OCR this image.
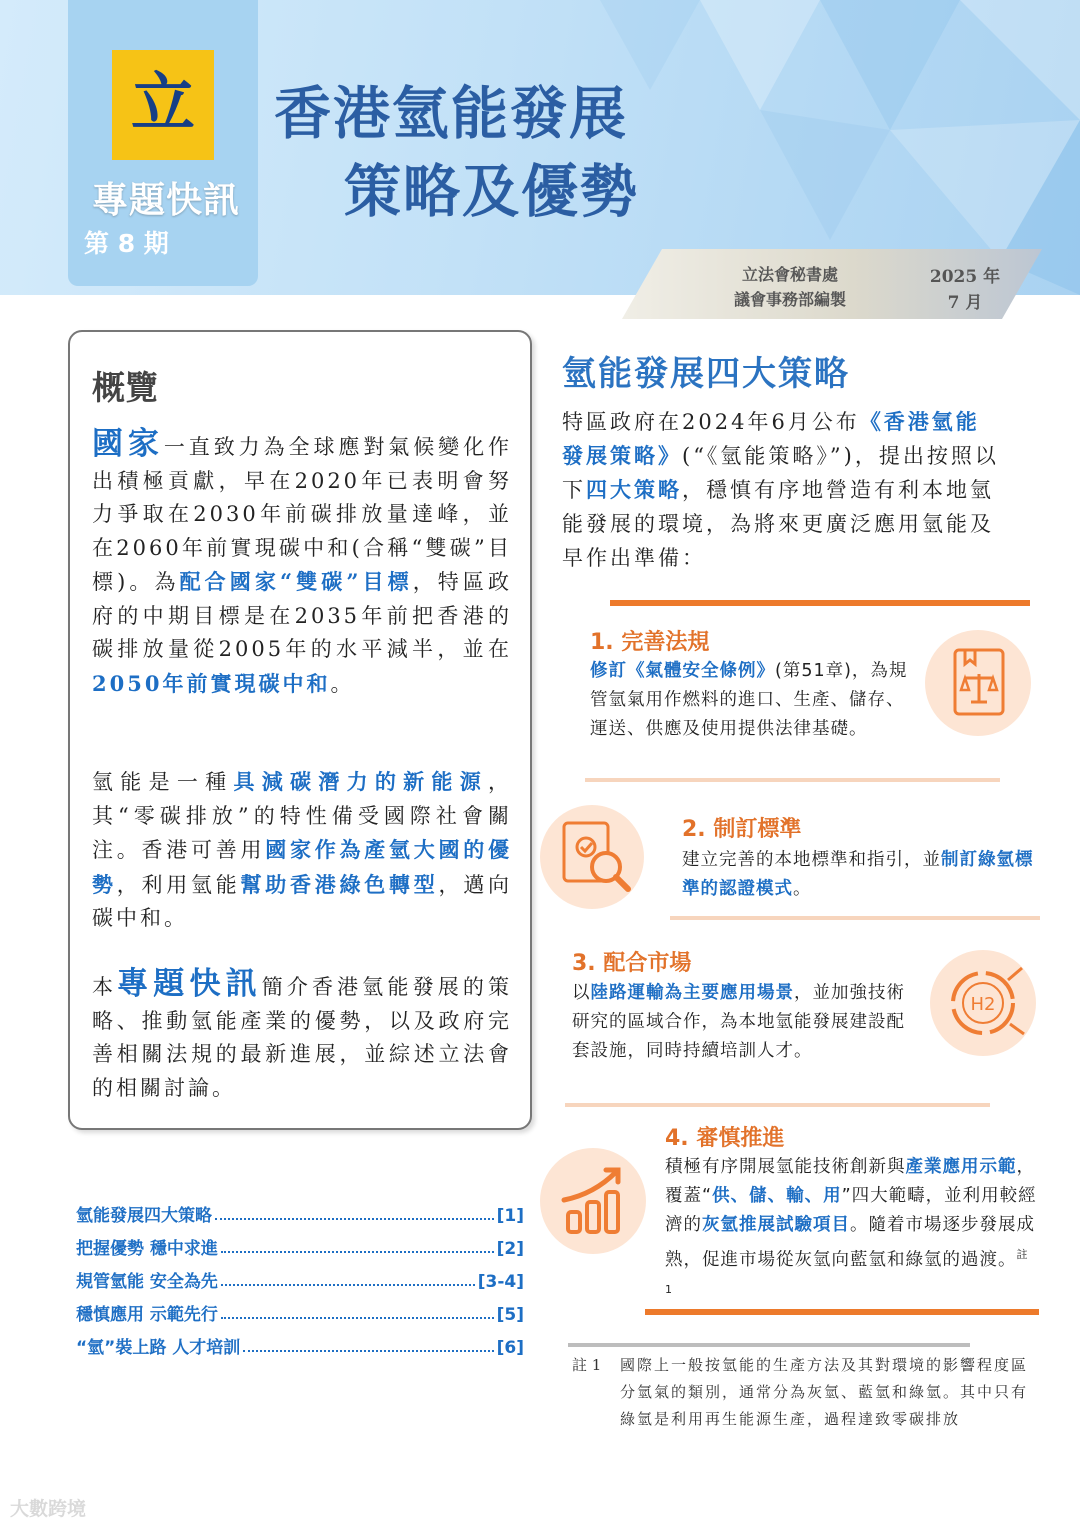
立
專題快訊
第 8 期
香港氫能發展
策略及優勢
立法會秘書處
議會事務部編製
2025 年
7 月
概覽
國家一直致力為全球應對氣候變化作出積極貢獻，早在2020年已表明會努力爭取在2030年前碳排放量達峰，並在2060年前實現碳中和(合稱“雙碳”目標)。為配合國家“雙碳”目標，特區政府的中期目標是在2035年前把香港的碳排放量從2005年的水平減半，並在2050年前實現碳中和。
氫能是一種具減碳潛力的新能源，其“零碳排放”的特性備受國際社會關注。香港可善用國家作為產氫大國的優勢，利用氫能幫助香港綠色轉型，邁向碳中和。
本專題快訊簡介香港氫能發展的策略、推動氫能產業的優勢，以及政府完善相關法規的最新進展，並綜述立法會的相關討論。
氫能發展四大策略	[1]
把握優勢 穩中求進	[2]
規管氫能 安全為先	[3-4]
穩慎應用 示範先行	[5]
“氫”裝上路 人才培訓	[6]
氫能發展四大策略
特區政府在2024年6月公布《香港氫能發展策略》(“《氫能策略》”)，提出按照以下四大策略，穩慎有序地營造有利本地氫能發展的環境，為將來更廣泛應用氫能及早作出準備：
1. 完善法規
修訂《氣體安全條例》(第51章)，為規管氫氣用作燃料的進口、生產、儲存、運送、供應及使用提供法律基礎。
2. 制訂標準
建立完善的本地標準和指引，並制訂綠氫標準的認證模式。
3. 配合市場
以陸路運輸為主要應用場景，並加強技術研究的區域合作，為本地氫能發展建設配套設施，同時持續培訓人才。
H2
4. 審慎推進
積極有序開展氫能技術創新與產業應用示範，覆蓋“供、儲、輸、用”四大範疇，並利用較經濟的灰氫推展試驗項目。隨着市場逐步發展成熟，促進市場從灰氫向藍氫和綠氫的過渡。$^{註 1}$
註 1	國際上一般按氫能的生產方法及其對環境的影響程度區分氫氣的類別，通常分為灰氫、藍氫和綠氫。其中只有綠氫是利用再生能源生產，過程達致零碳排放
大數跨境
